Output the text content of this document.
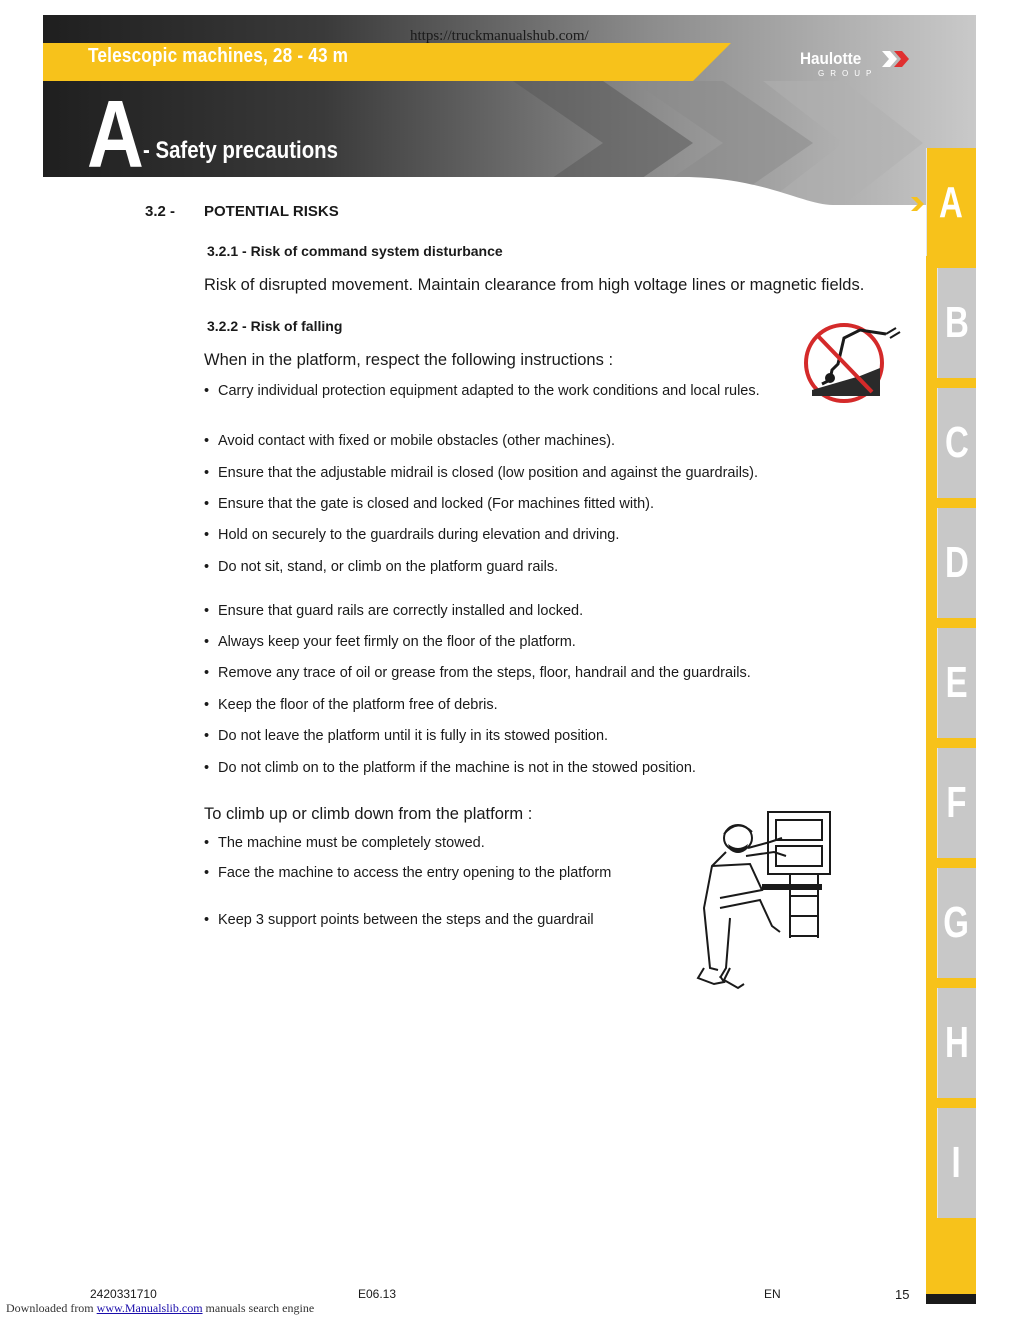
https://truckmanualshub.com/
Telescopic machines, 28 - 43 m	Haulotte
GROUP
A - Safety precautions
A
B
C
D
E
F
G
H
I
3.2 - POTENTIAL RISKS
3.2.1 - Risk of command system disturbance
Risk of disrupted movement. Maintain clearance from high voltage lines or magnetic fields.
3.2.2 - Risk of falling
When in the platform, respect the following instructions :
• Carry individual protection equipment adapted to the work conditions and local rules.
• Avoid contact with fixed or mobile obstacles (other machines).
• Ensure that the adjustable midrail is closed (low position and against the guardrails).
• Ensure that the gate is closed and locked (For machines fitted with).
• Hold on securely to the guardrails during elevation and driving.
• Do not sit, stand, or climb on the platform guard rails.
• Ensure that guard rails are correctly installed and locked.
• Always keep your feet firmly on the floor of the platform.
• Remove any trace of oil or grease from the steps, floor, handrail and the guardrails.
• Keep the floor of the platform free of debris.
• Do not leave the platform until it is fully in its stowed position.
• Do not climb on to the platform if the machine is not in the stowed position.
To climb up or climb down from the platform :
• The machine must be completely stowed.
• Face the machine to access the entry opening to the platform
• Keep 3 support points between the steps and the guardrail
2420331710	E06.13	EN	15
Downloaded from www.Manualslib.com manuals search engine
